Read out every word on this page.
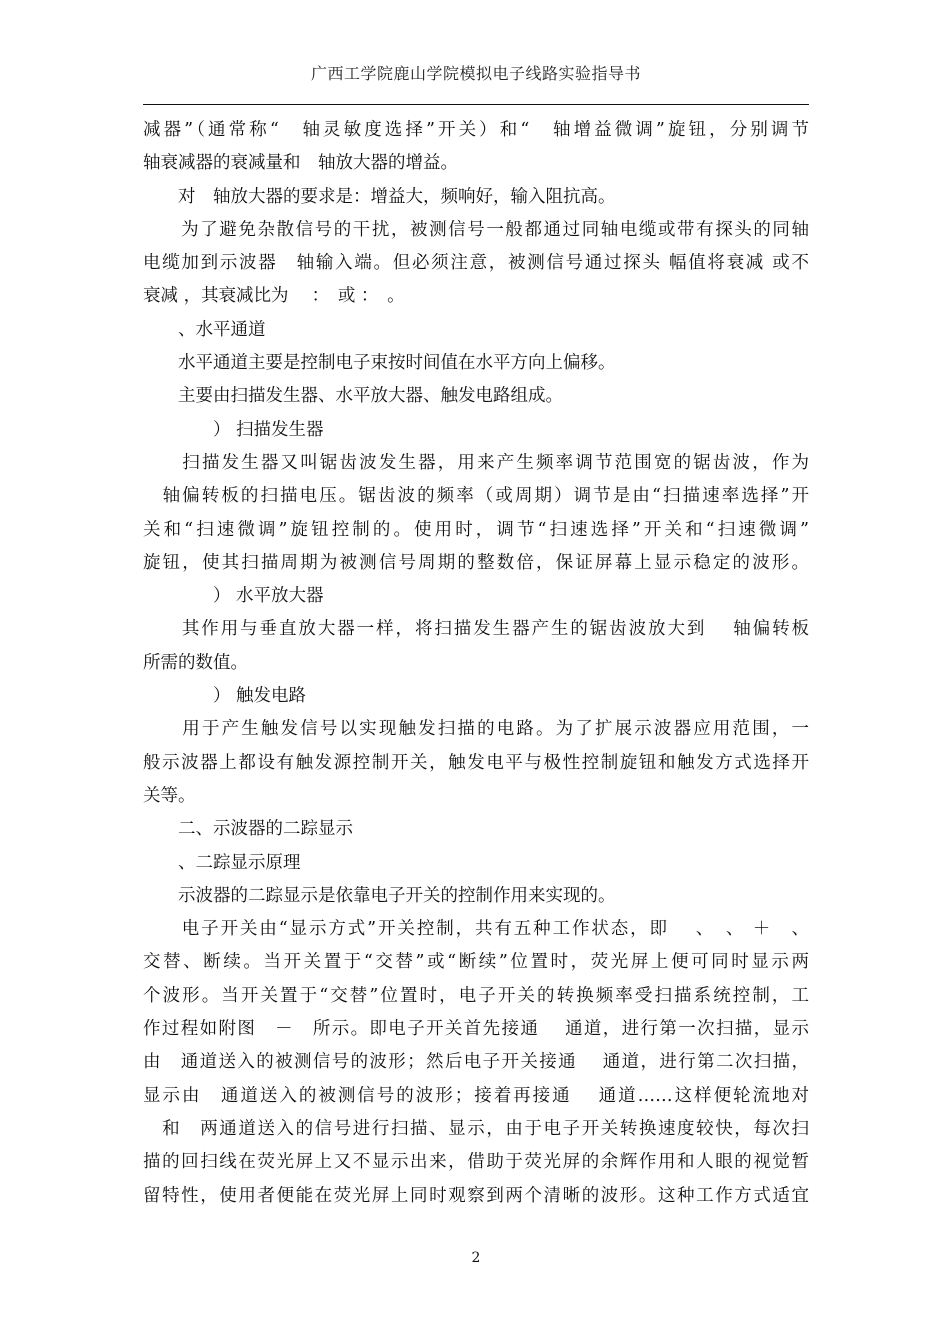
广西工学院鹿山学院模拟电子线路实验指导书
减器”（通常称“　轴灵敏度选择”开关）和“　轴增益微调”旋钮，分别调节
轴衰减器的衰减量和　轴放大器的增益。
　　对　轴放大器的要求是：增益大，频响好，输入阻抗高。
　　为了避免杂散信号的干扰，被测信号一般都通过同轴电缆或带有探头的同轴
电缆加到示波器　轴输入端。但必须注意，被测信号通过探头 幅值将衰减 或不
衰减 ，其衰减比为　 ：　或 ：　。
　　、水平通道
　　水平通道主要是控制电子束按时间值在水平方向上偏移。
　　主要由扫描发生器、水平放大器、触发电路组成。
　　　　） 扫描发生器
　　扫描发生器又叫锯齿波发生器，用来产生频率调节范围宽的锯齿波，作为
　轴偏转板的扫描电压。锯齿波的频率（或周期）调节是由“扫描速率选择”开
关和“扫速微调”旋钮控制的。使用时，调节“扫速选择”开关和“扫速微调”
旋钮，使其扫描周期为被测信号周期的整数倍，保证屏幕上显示稳定的波形。
　　　　） 水平放大器
　　其作用与垂直放大器一样，将扫描发生器产生的锯齿波放大到　 轴偏转板
所需的数值。
　　　　） 触发电路
　　用于产生触发信号以实现触发扫描的电路。为了扩展示波器应用范围，一
般示波器上都设有触发源控制开关，触发电平与极性控制旋钮和触发方式选择开
关等。
　　二、示波器的二踪显示
　　、二踪显示原理
　　示波器的二踪显示是依靠电子开关的控制作用来实现的。
　　电子开关由“显示方式”开关控制，共有五种工作状态，即　 、　、 ＋　、
交替、断续。当开关置于“交替”或“断续”位置时，荧光屏上便可同时显示两
个波形。当开关置于“交替”位置时，电子开关的转换频率受扫描系统控制，工
作过程如附图　－　所示。即电子开关首先接通　 通道，进行第一次扫描，显示
由　通道送入的被测信号的波形；然后电子开关接通　 通道，进行第二次扫描，
显示由　通道送入的被测信号的波形；接着再接通　 通道……这样便轮流地对
　和　两通道送入的信号进行扫描、显示，由于电子开关转换速度较快，每次扫
描的回扫线在荧光屏上又不显示出来，借助于荧光屏的余辉作用和人眼的视觉暂
留特性，使用者便能在荧光屏上同时观察到两个清晰的波形。这种工作方式适宜
2
